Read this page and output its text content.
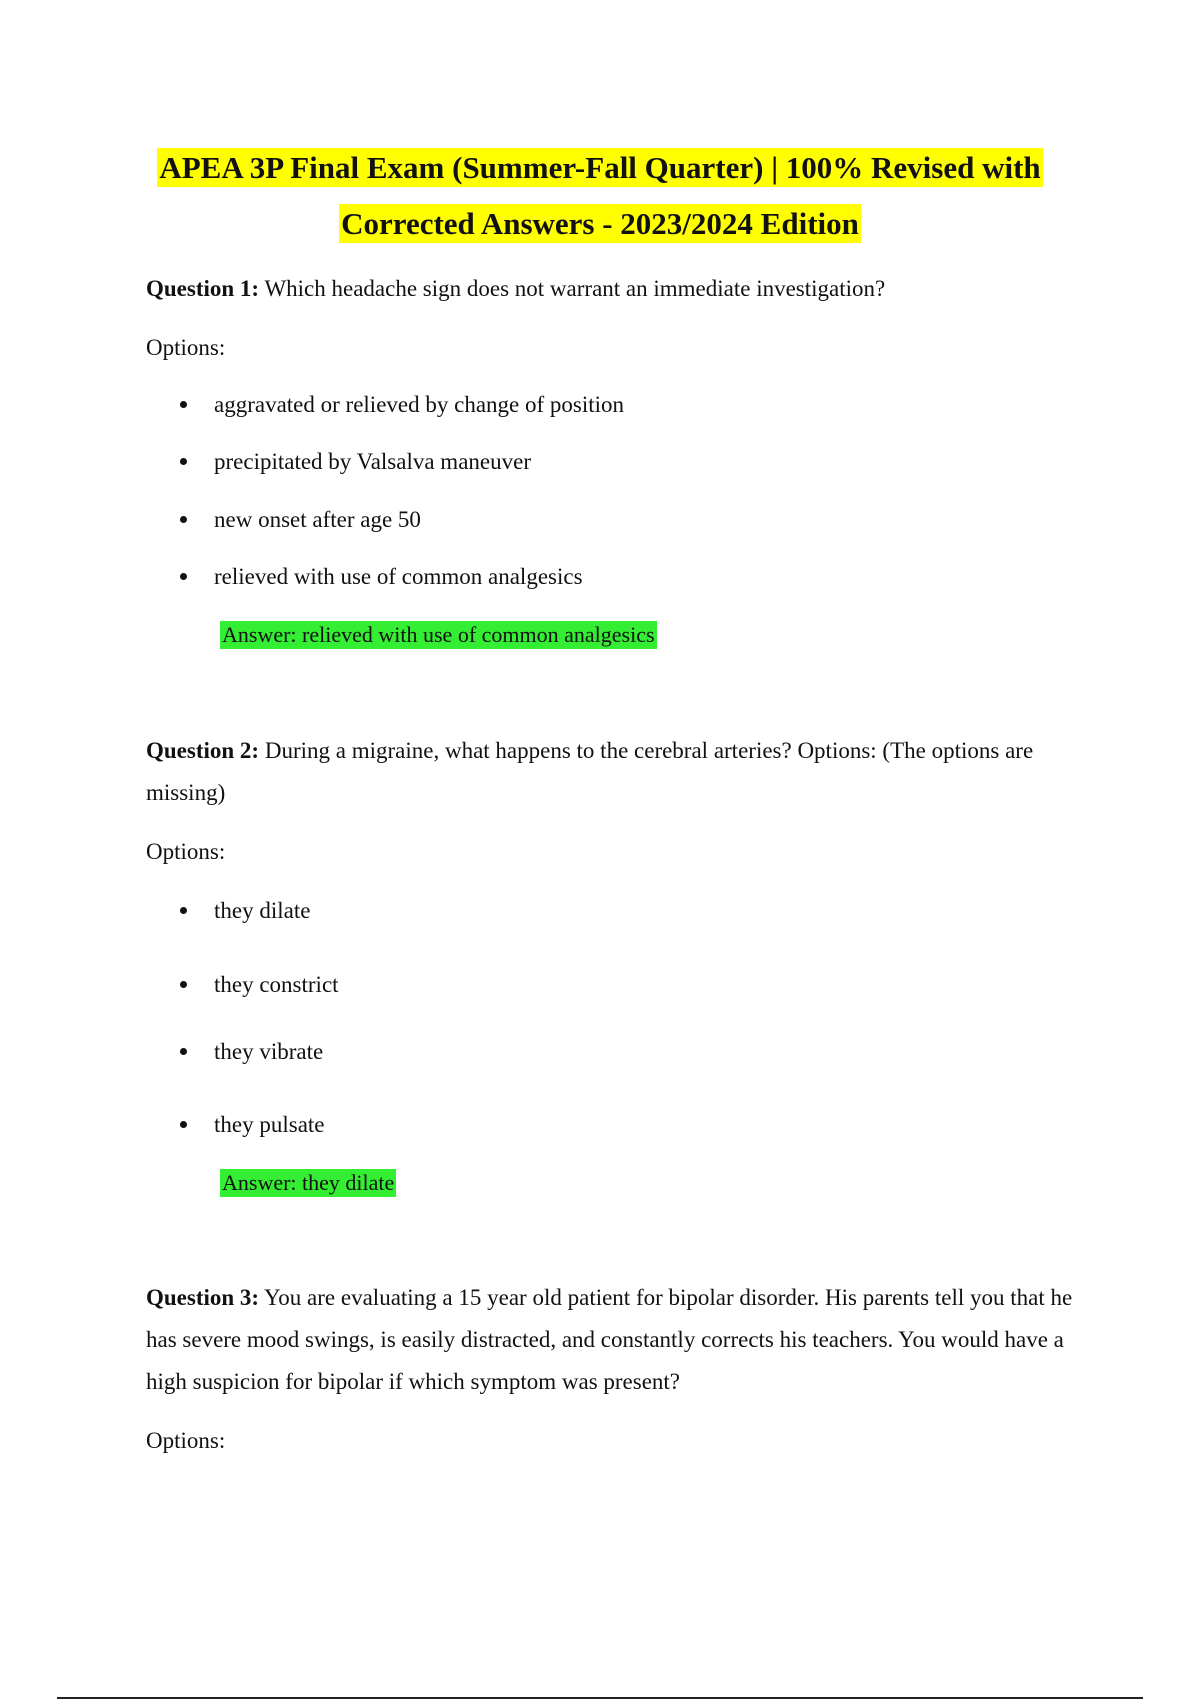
APEA 3P Final Exam (Summer-Fall Quarter) | 100% Revised with
Corrected Answers - 2023/2024 Edition
Question 1: Which headache sign does not warrant an immediate investigation?
Options:
aggravated or relieved by change of position
precipitated by Valsalva maneuver
new onset after age 50
relieved with use of common analgesics
Answer: relieved with use of common analgesics
Question 2: During a migraine, what happens to the cerebral arteries? Options: (The options are missing)
Options:
they dilate
they constrict
they vibrate
they pulsate
Answer: they dilate
Question 3: You are evaluating a 15 year old patient for bipolar disorder. His parents tell you that he has severe mood swings, is easily distracted, and constantly corrects his teachers. You would have a high suspicion for bipolar if which symptom was present?
Options:
